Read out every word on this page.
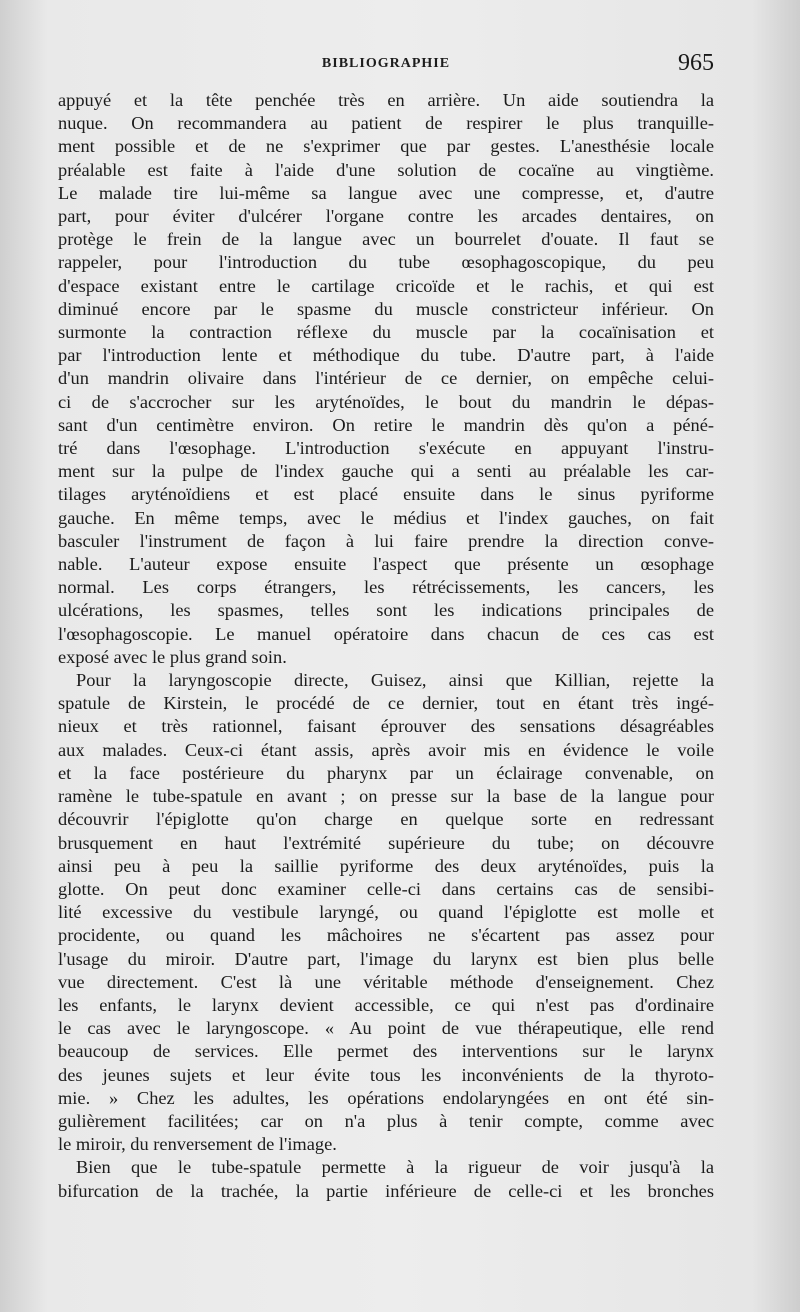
BIBLIOGRAPHIE	965

appuyé et la tête penchée très en arrière. Un aide soutiendra la
nuque. On recommandera au patient de respirer le plus tranquille-
ment possible et de ne s'exprimer que par gestes. L'anesthésie locale
préalable est faite à l'aide d'une solution de cocaïne au vingtième.
Le malade tire lui-même sa langue avec une compresse, et, d'autre
part, pour éviter d'ulcérer l'organe contre les arcades dentaires, on
protège le frein de la langue avec un bourrelet d'ouate. Il faut se
rappeler, pour l'introduction du tube œsophagoscopique, du peu
d'espace existant entre le cartilage cricoïde et le rachis, et qui est
diminué encore par le spasme du muscle constricteur inférieur. On
surmonte la contraction réflexe du muscle par la cocaïnisation et
par l'introduction lente et méthodique du tube. D'autre part, à l'aide
d'un mandrin olivaire dans l'intérieur de ce dernier, on empêche celui-
ci de s'accrocher sur les aryténoïdes, le bout du mandrin le dépas-
sant d'un centimètre environ. On retire le mandrin dès qu'on a péné-
tré dans l'œsophage. L'introduction s'exécute en appuyant l'instru-
ment sur la pulpe de l'index gauche qui a senti au préalable les car-
tilages aryténoïdiens et est placé ensuite dans le sinus pyriforme
gauche. En même temps, avec le médius et l'index gauches, on fait
basculer l'instrument de façon à lui faire prendre la direction conve-
nable. L'auteur expose ensuite l'aspect que présente un œsophage
normal. Les corps étrangers, les rétrécissements, les cancers, les
ulcérations, les spasmes, telles sont les indications principales de
l'œsophagoscopie. Le manuel opératoire dans chacun de ces cas est
exposé avec le plus grand soin.

Pour la laryngoscopie directe, Guisez, ainsi que Killian, rejette la
spatule de Kirstein, le procédé de ce dernier, tout en étant très ingé-
nieux et très rationnel, faisant éprouver des sensations désagréables
aux malades. Ceux-ci étant assis, après avoir mis en évidence le voile
et la face postérieure du pharynx par un éclairage convenable, on
ramène le tube-spatule en avant ; on presse sur la base de la langue pour
découvrir l'épiglotte qu'on charge en quelque sorte en redressant
brusquement en haut l'extrémité supérieure du tube; on découvre
ainsi peu à peu la saillie pyriforme des deux aryténoïdes, puis la
glotte. On peut donc examiner celle-ci dans certains cas de sensibi-
lité excessive du vestibule laryngé, ou quand l'épiglotte est molle et
procidente, ou quand les mâchoires ne s'écartent pas assez pour
l'usage du miroir. D'autre part, l'image du larynx est bien plus belle
vue directement. C'est là une véritable méthode d'enseignement. Chez
les enfants, le larynx devient accessible, ce qui n'est pas d'ordinaire
le cas avec le laryngoscope. « Au point de vue thérapeutique, elle rend
beaucoup de services. Elle permet des interventions sur le larynx
des jeunes sujets et leur évite tous les inconvénients de la thyroto-
mie. » Chez les adultes, les opérations endolaryngées en ont été sin-
gulièrement facilitées; car on n'a plus à tenir compte, comme avec
le miroir, du renversement de l'image.

Bien que le tube-spatule permette à la rigueur de voir jusqu'à la
bifurcation de la trachée, la partie inférieure de celle-ci et les bronches
